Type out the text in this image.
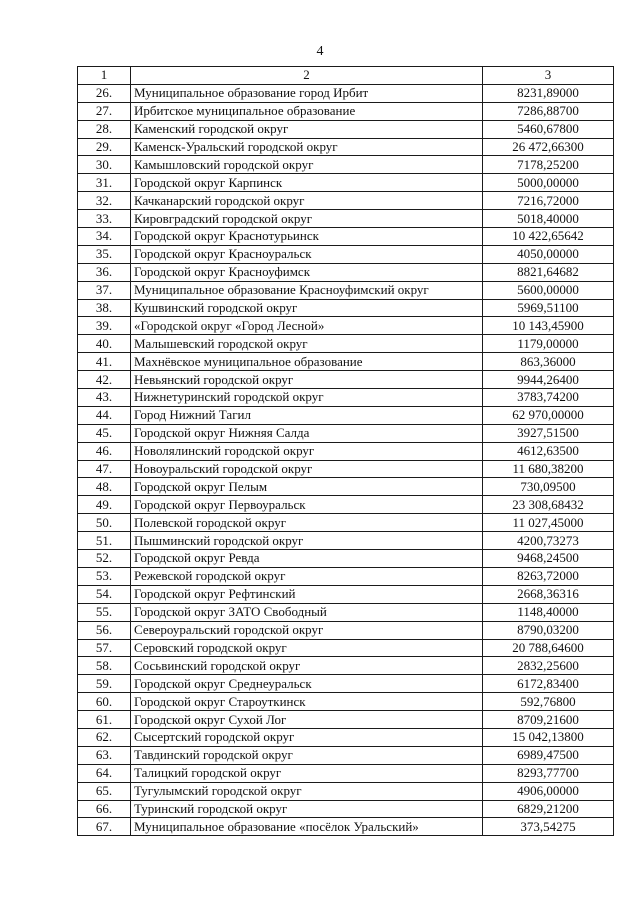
4
1	2	3
26.	Муниципальное образование город Ирбит	8231,89000
27.	Ирбитское муниципальное образование	7286,88700
28.	Каменский городской округ	5460,67800
29.	Каменск-Уральский городской округ	26 472,66300
30.	Камышловский городской округ	7178,25200
31.	Городской округ Карпинск	5000,00000
32.	Качканарский городской округ	7216,72000
33.	Кировградский городской округ	5018,40000
34.	Городской округ Краснотурьинск	10 422,65642
35.	Городской округ Красноуральск	4050,00000
36.	Городской округ Красноуфимск	8821,64682
37.	Муниципальное образование Красноуфимский округ	5600,00000
38.	Кушвинский городской округ	5969,51100
39.	«Городской округ «Город Лесной»	10 143,45900
40.	Малышевский городской округ	1179,00000
41.	Махнёвское муниципальное образование	863,36000
42.	Невьянский городской округ	9944,26400
43.	Нижнетуринский городской округ	3783,74200
44.	Город Нижний Тагил	62 970,00000
45.	Городской округ Нижняя Салда	3927,51500
46.	Новолялинский городской округ	4612,63500
47.	Новоуральский городской округ	11 680,38200
48.	Городской округ Пелым	730,09500
49.	Городской округ Первоуральск	23 308,68432
50.	Полевской городской округ	11 027,45000
51.	Пышминский городской округ	4200,73273
52.	Городской округ Ревда	9468,24500
53.	Режевской городской округ	8263,72000
54.	Городской округ Рефтинский	2668,36316
55.	Городской округ ЗАТО Свободный	1148,40000
56.	Североуральский городской округ	8790,03200
57.	Серовский городской округ	20 788,64600
58.	Сосьвинский городской округ	2832,25600
59.	Городской округ Среднеуральск	6172,83400
60.	Городской округ Староуткинск	592,76800
61.	Городской округ Сухой Лог	8709,21600
62.	Сысертский городской округ	15 042,13800
63.	Тавдинский городской округ	6989,47500
64.	Талицкий городской округ	8293,77700
65.	Тугулымский городской округ	4906,00000
66.	Туринский городской округ	6829,21200
67.	Муниципальное образование «посёлок Уральский»	373,54275
